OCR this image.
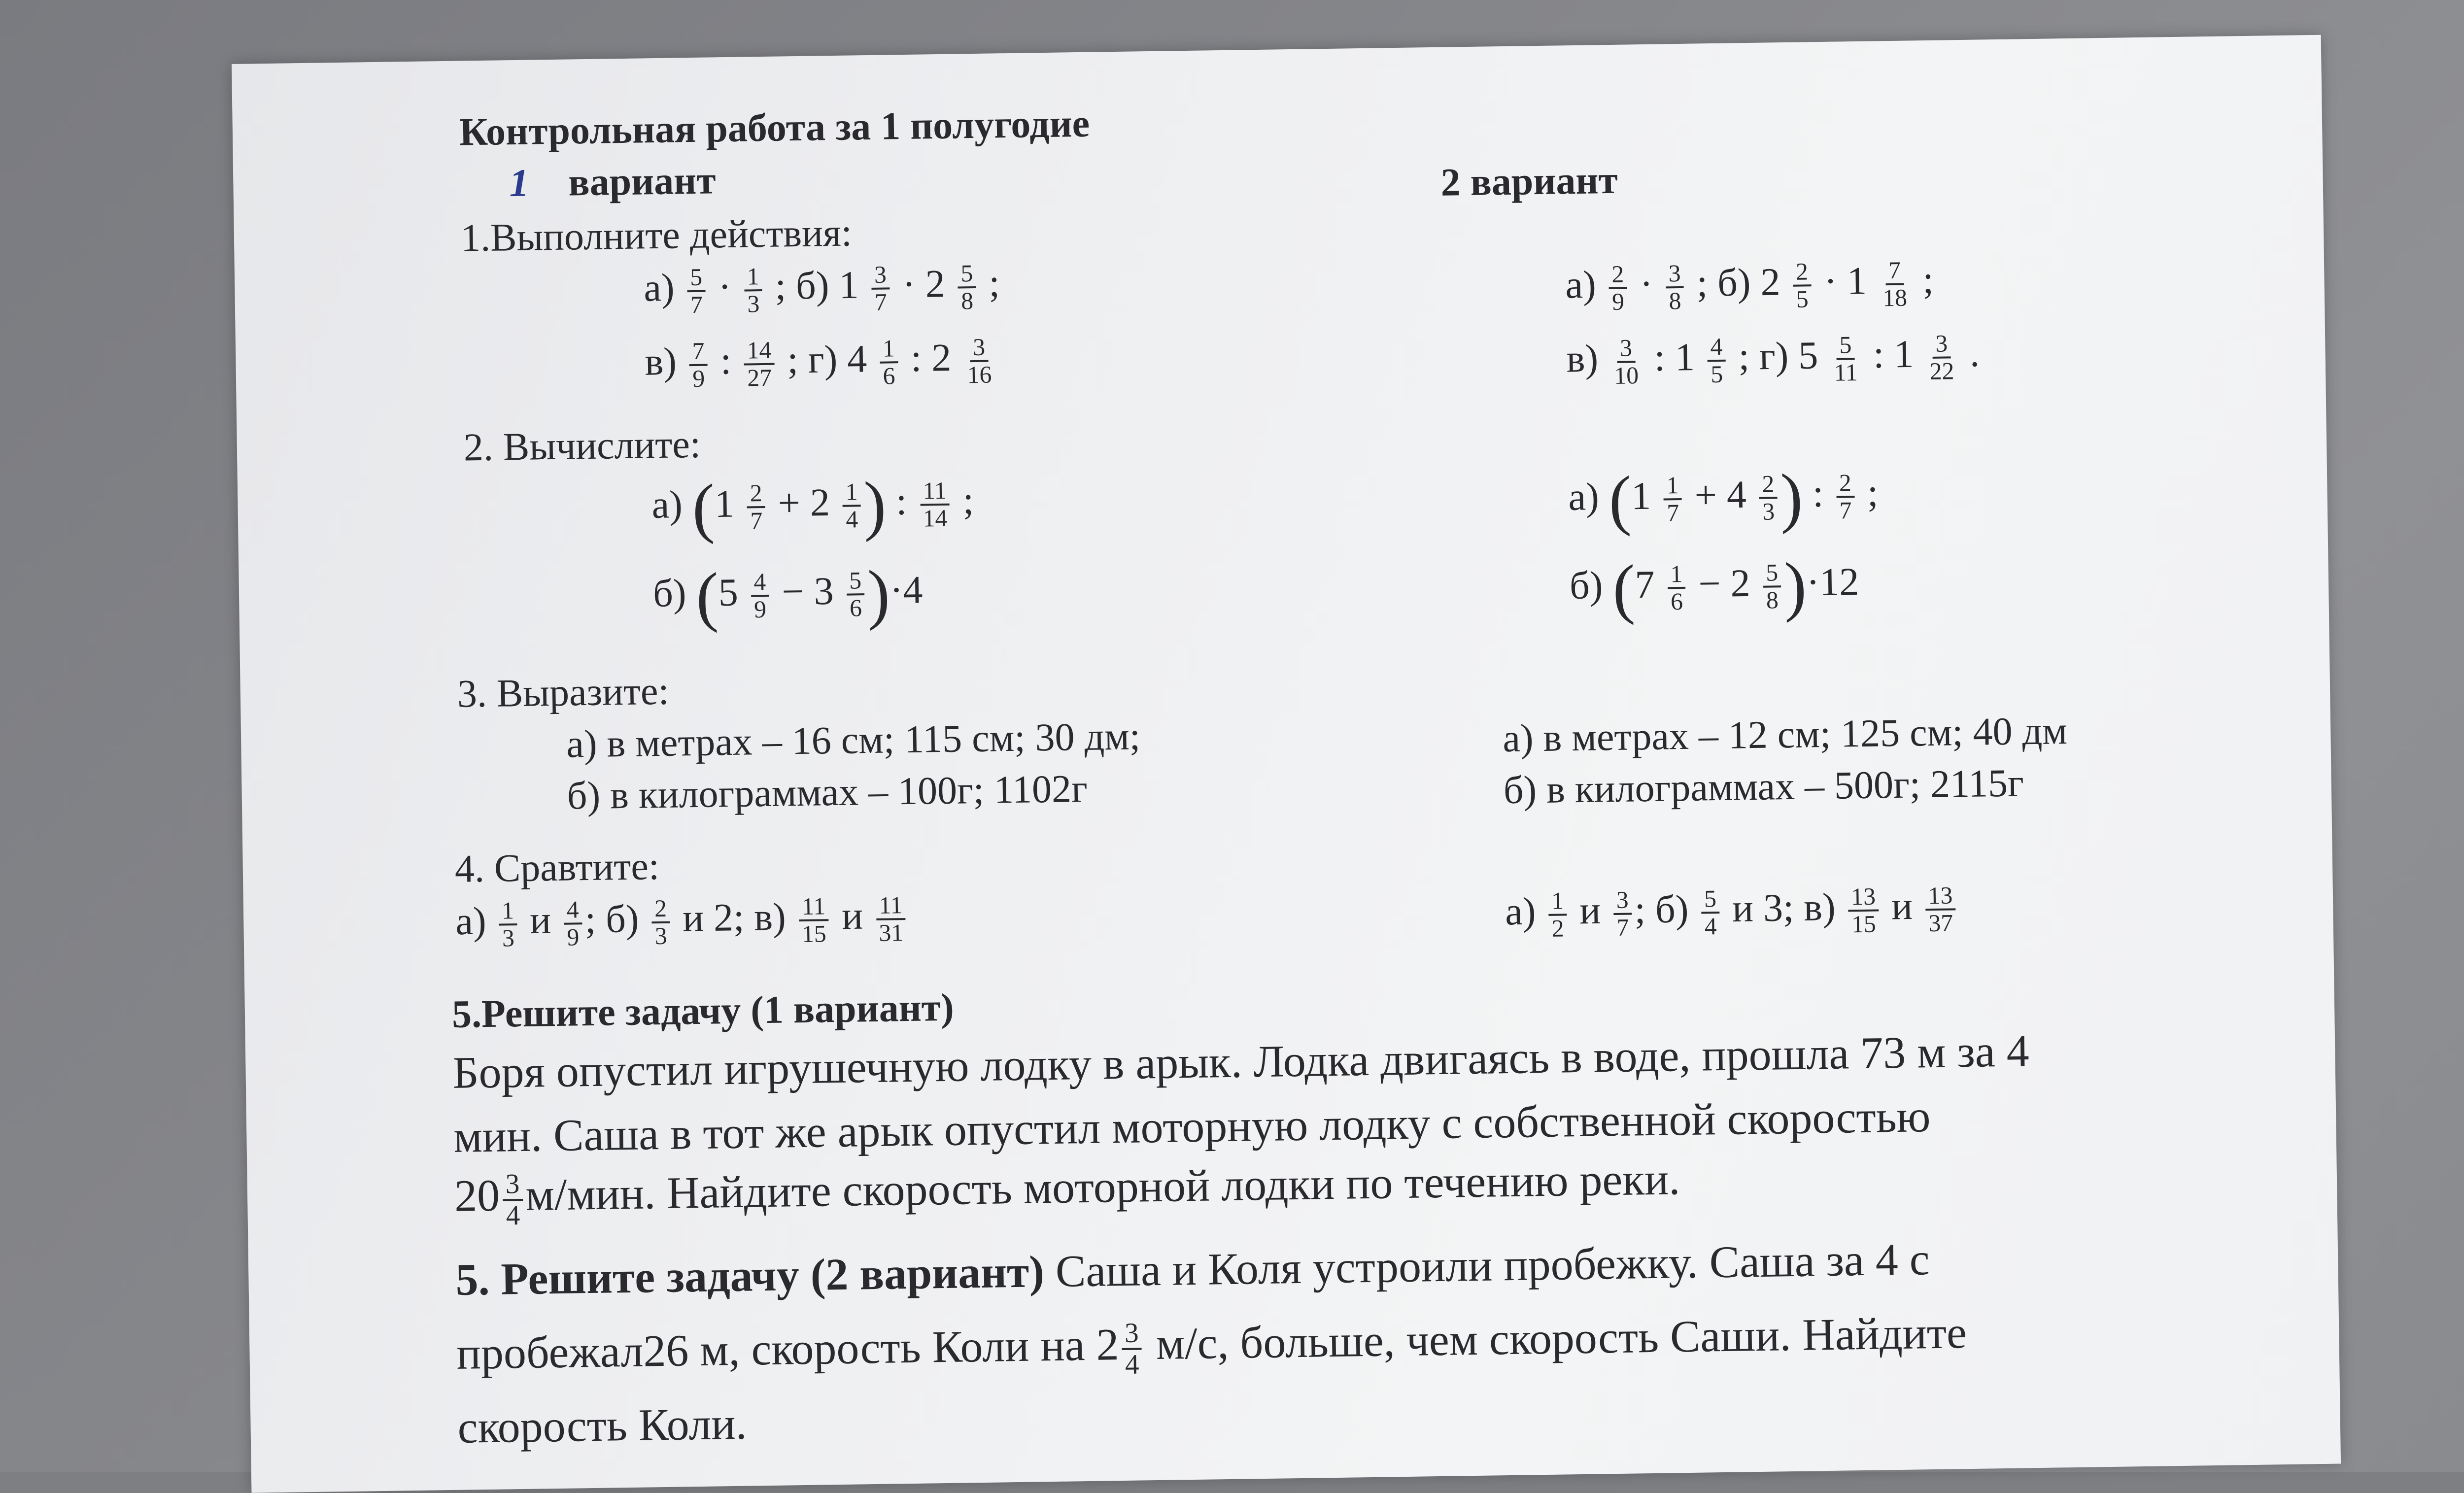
Контрольная работа за 1 полугодие
1 вариант	2 вариант
1.Выполните действия:
$а) \frac{5}{7} \cdot \frac{1}{3}$ ; б) $1 \frac{3}{7} \cdot 2 \frac{5}{8}$ ;
$в) \frac{7}{9}$ : $\frac{14}{27}$ ; г) $4 \frac{1}{6}$ : $2 \frac{3}{16}$
$а) \frac{2}{9} \cdot \frac{3}{8}$ ; б) $2 \frac{2}{5} \cdot 1 \frac{7}{18}$ ;
$в) \frac{3}{10}$ : $1 \frac{4}{5}$ ; г) $5 \frac{5}{11}$ : $1 \frac{3}{22}$ .
2. Вычислите:
а) ($1 \frac{2}{7} + 2 \frac{1}{4}$ ) : $\frac{11}{14}$ ;
б) $(5 \frac{4}{9} - 3 \frac{5}{6} )\cdot 4$
а) ($1 \frac{1}{7} + 4 \frac{2}{3}$ ) : $\frac{2}{7}$ ;
б) $(7 \frac{1}{6} - 2 \frac{5}{8} )\cdot 12$
3. Выразите:
а) в метрах – 16 см; 115 см; 30 дм;
б) в килограммах – 100г; 1102г
а) в метрах – 12 см; 125 см; 40 дм
б) в килограммах – 500г; 2115г
4. Сравтите:
$а) \frac{1}{3}$ и $\frac{4}{9}$ ; $б) \frac{2}{3}$ и 2; $в) \frac{11}{15}$ и $\frac{11}{31}$	$а) \frac{1}{2}$ и $\frac{3}{7}$ ; $б) \frac{5}{4}$ и 3; $в) \frac{13}{15}$ и $\frac{13}{37}$
5.Решите задачу (1 вариант)
Боря опустил игрушечную лодку в арык. Лодка двигаясь в воде, прошла 73 м за 4
мин. Саша в тот же арык опустил моторную лодку с собственной скоростью
$20 \frac{3}{4} м/мин$. Найдите скорость моторной лодки по течению реки.
5. Решите задачу (2 вариант) Саша и Коля устроили пробежку. Саша за 4 с
пробежал26 м, скорость Коли на $2 \frac{3}{4} м/с$, больше, чем скорость Саши. Найдите
скорость Коли.
